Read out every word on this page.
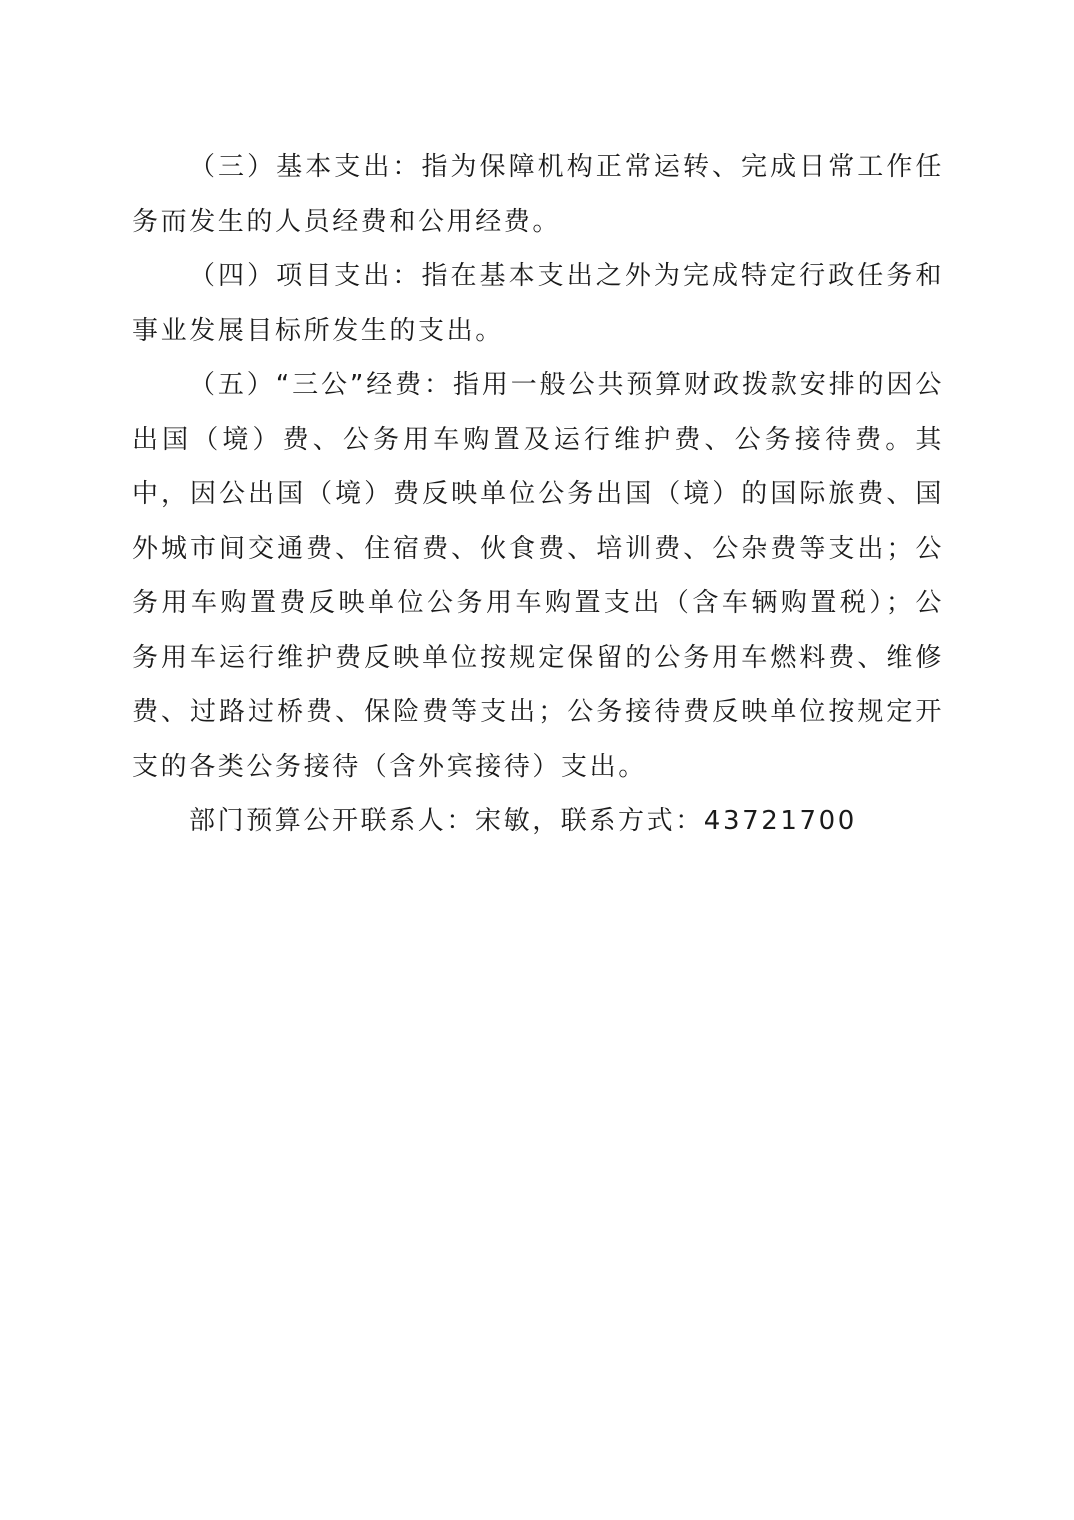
（三）基本支出：指为保障机构正常运转、完成日常工作任务而发生的人员经费和公用经费。

（四）项目支出：指在基本支出之外为完成特定行政任务和事业发展目标所发生的支出。

（五）“三公”经费：指用一般公共预算财政拨款安排的因公出国（境）费、公务用车购置及运行维护费、公务接待费。其中，因公出国（境）费反映单位公务出国（境）的国际旅费、国外城市间交通费、住宿费、伙食费、培训费、公杂费等支出；公务用车购置费反映单位公务用车购置支出（含车辆购置税）；公务用车运行维护费反映单位按规定保留的公务用车燃料费、维修费、过路过桥费、保险费等支出；公务接待费反映单位按规定开支的各类公务接待（含外宾接待）支出。

部门预算公开联系人：宋敏，联系方式：43721700
